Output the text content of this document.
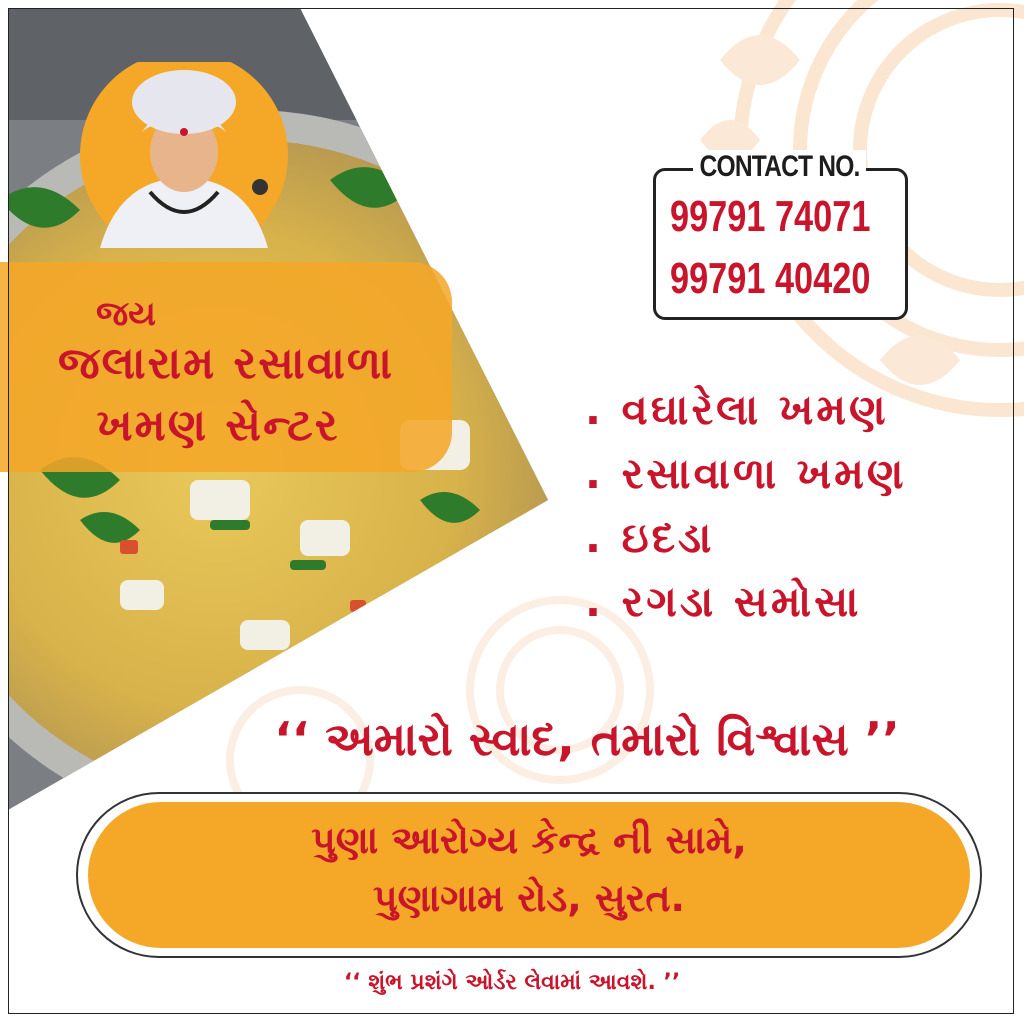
જય
જલારામ રસાવાળા
ખમણ સેન્ટર
CONTACT NO.
99791 74071
99791 40420
. વઘારેલા ખમણ
. રસાવાળા ખમણ
. ઇદડા
. રગડા સમોસા
‘‘ અમારો સ્વાદ, તમારો વિશ્વાસ ’’
પુણા આરોગ્ય કેન્દ્ર ની સામે,
પુણાગામ રોડ, સુરત.
‘‘ શુંભ પ્રશંગે ઓર્ડર લેવામાં આવશે. ’’
